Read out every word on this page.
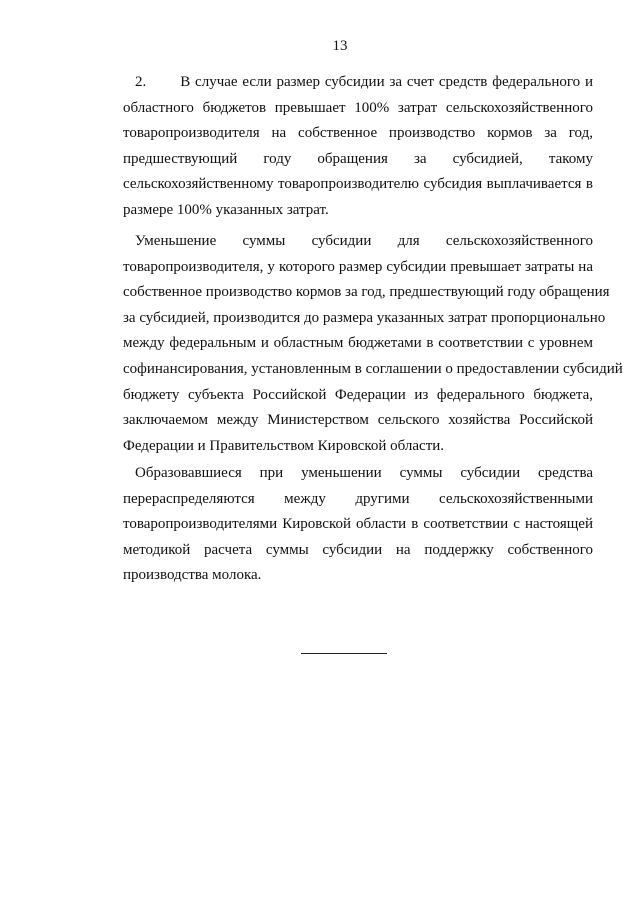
13
2.       В случае если размер субсидии за счет средств федерального и
областного бюджетов превышает 100% затрат сельскохозяйственного
товаропроизводителя на собственное производство кормов за год,
предшествующий году обращения за субсидией, такому
сельскохозяйственному товаропроизводителю субсидия выплачивается в
размере 100% указанных затрат.
Уменьшение суммы субсидии для сельскохозяйственного
товаропроизводителя, у которого размер субсидии превышает затраты на
собственное производство кормов за год, предшествующий году обращения
за субсидией, производится до размера указанных затрат пропорционально
между федеральным и областным бюджетами в соответствии с уровнем
софинансирования, установленным в соглашении о предоставлении субсидий
бюджету субъекта Российской Федерации из федерального бюджета,
заключаемом между Министерством сельского хозяйства Российской
Федерации и Правительством Кировской области.
Образовавшиеся при уменьшении суммы субсидии средства
перераспределяются между другими сельскохозяйственными
товаропроизводителями Кировской области в соответствии с настоящей
методикой расчета суммы субсидии на поддержку собственного
производства молока.
